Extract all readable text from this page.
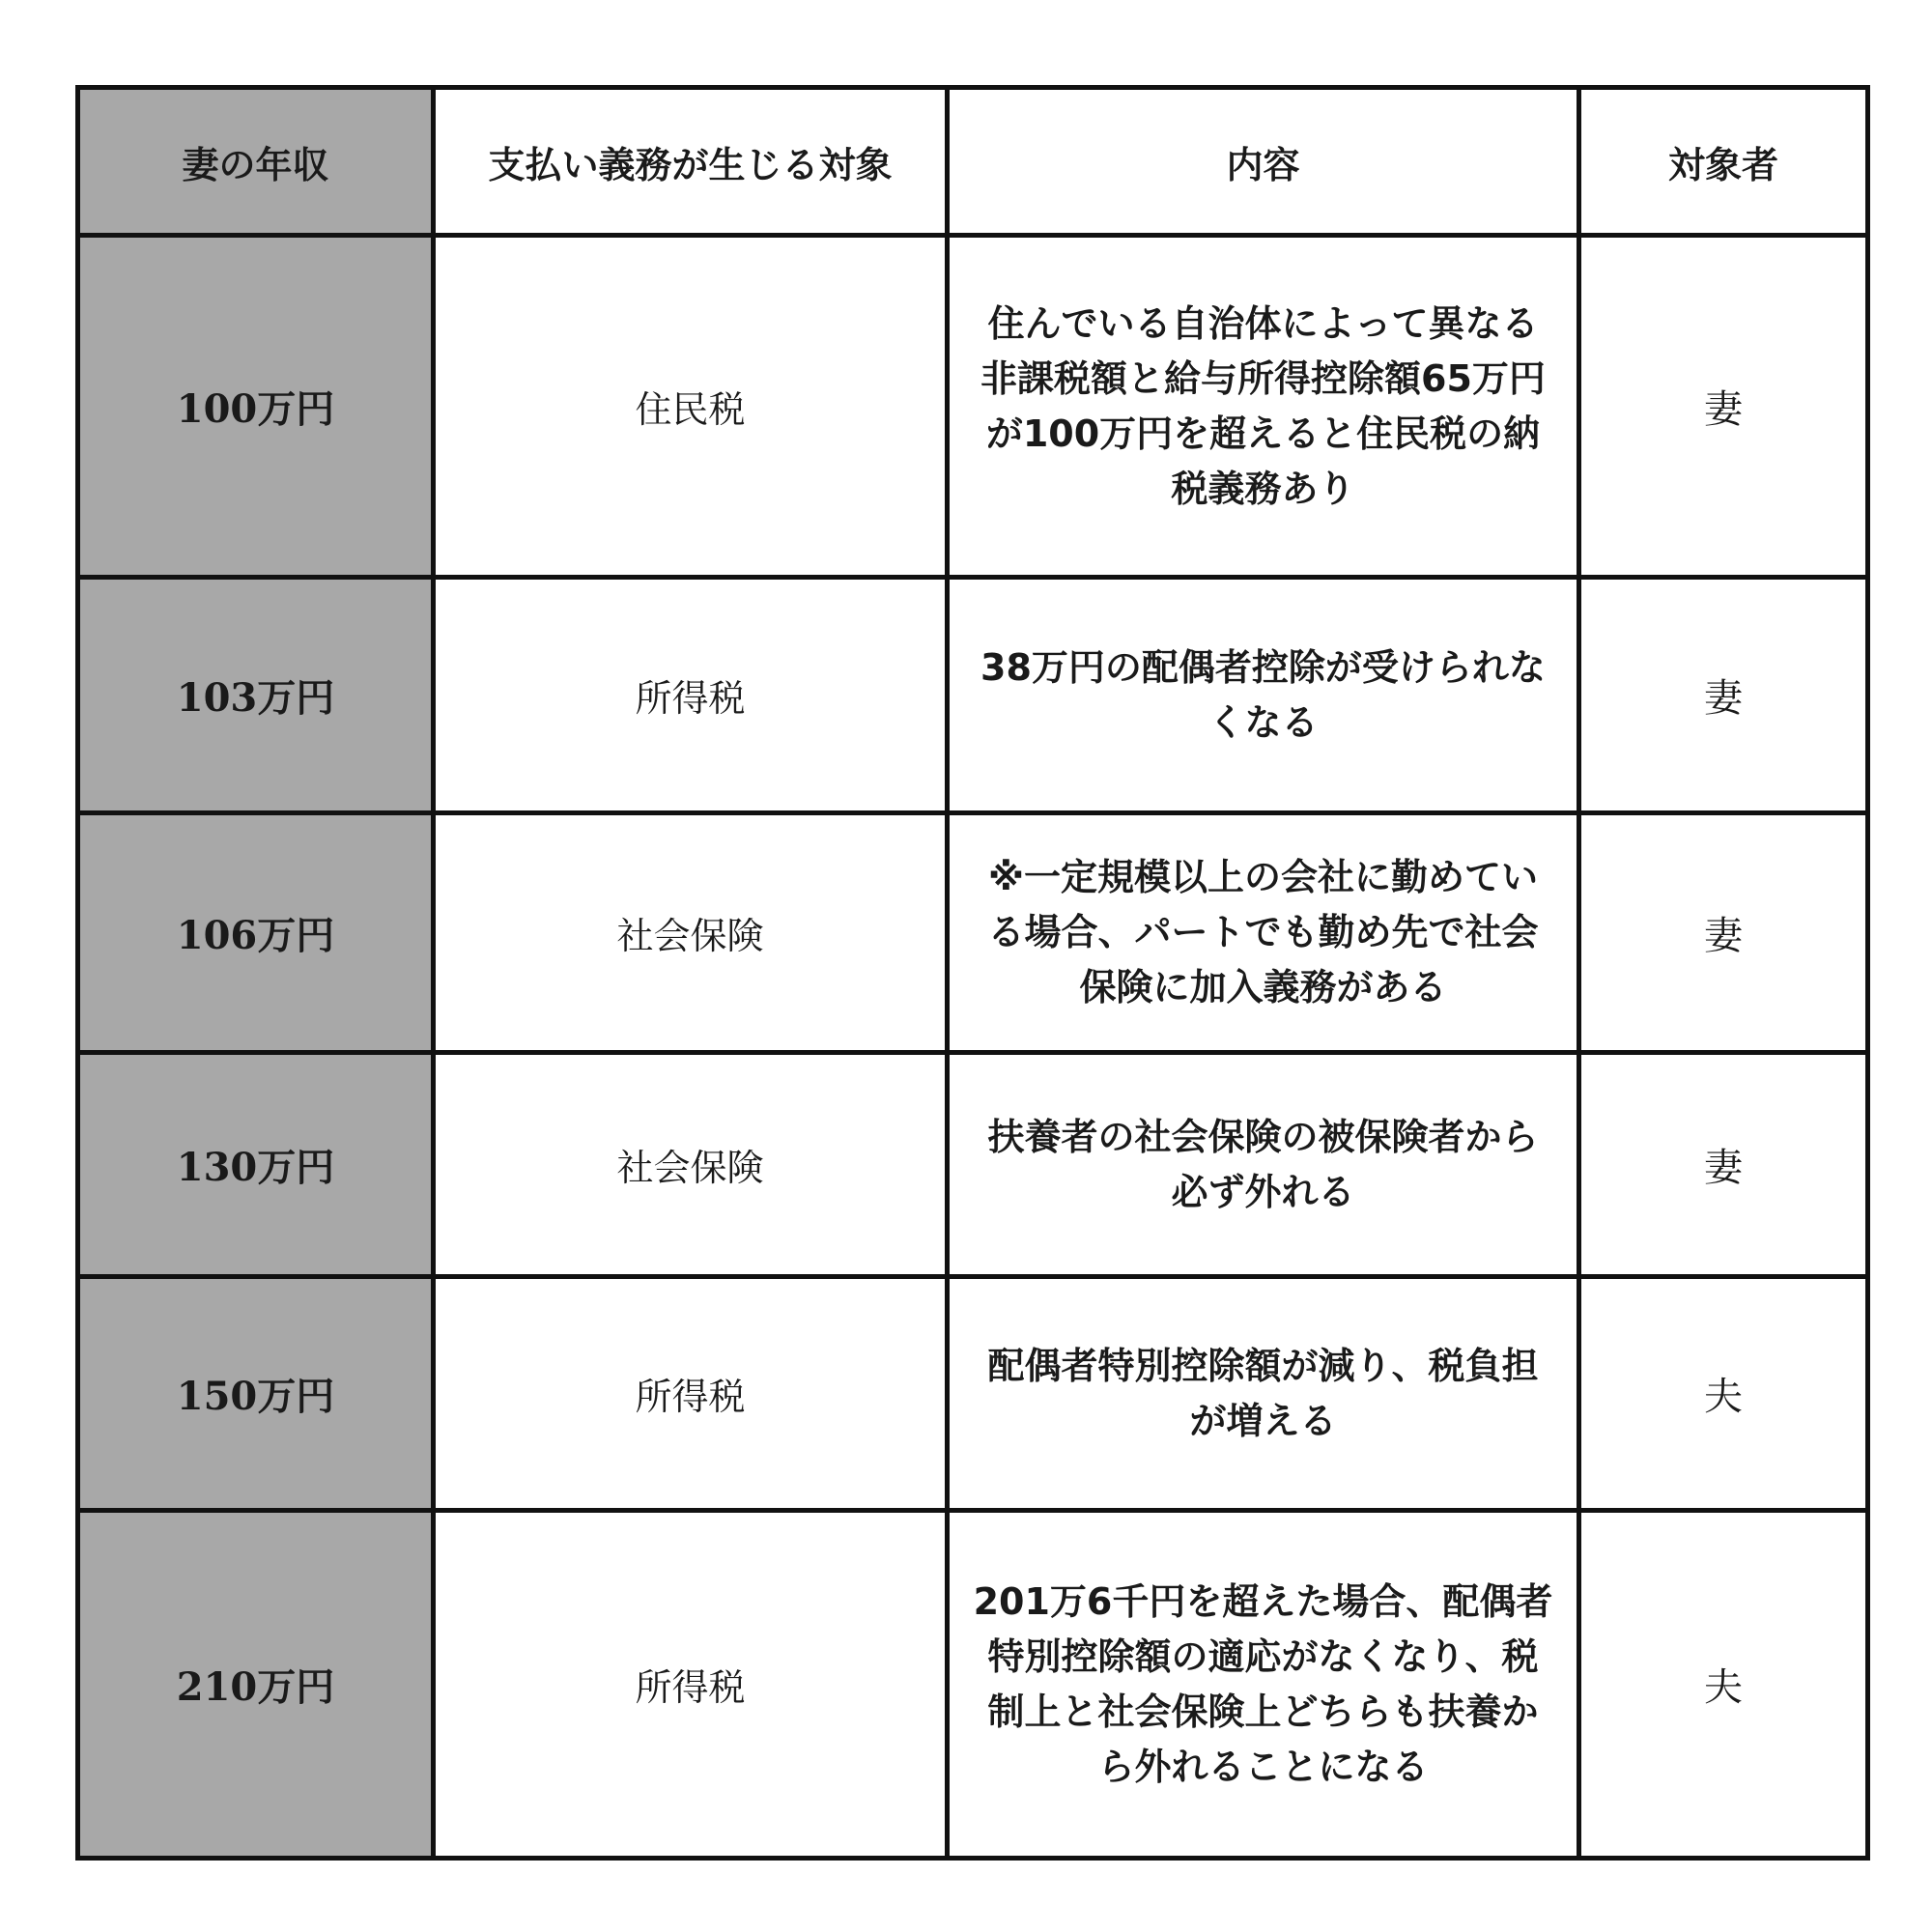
妻の年収	支払い義務が生じる対象	内容	対象者
100万円	住民税	住んでいる自治体によって異なる非課税額と給与所得控除額65万円が100万円を超えると住民税の納税義務あり	妻
103万円	所得税	38万円の配偶者控除が受けられなくなる	妻
106万円	社会保険	※一定規模以上の会社に勤めている場合、パートでも勤め先で社会保険に加入義務がある	妻
130万円	社会保険	扶養者の社会保険の被保険者から必ず外れる	妻
150万円	所得税	配偶者特別控除額が減り、税負担が増える	夫
210万円	所得税	201万6千円を超えた場合、配偶者特別控除額の適応がなくなり、税制上と社会保険上どちらも扶養から外れることになる	夫
